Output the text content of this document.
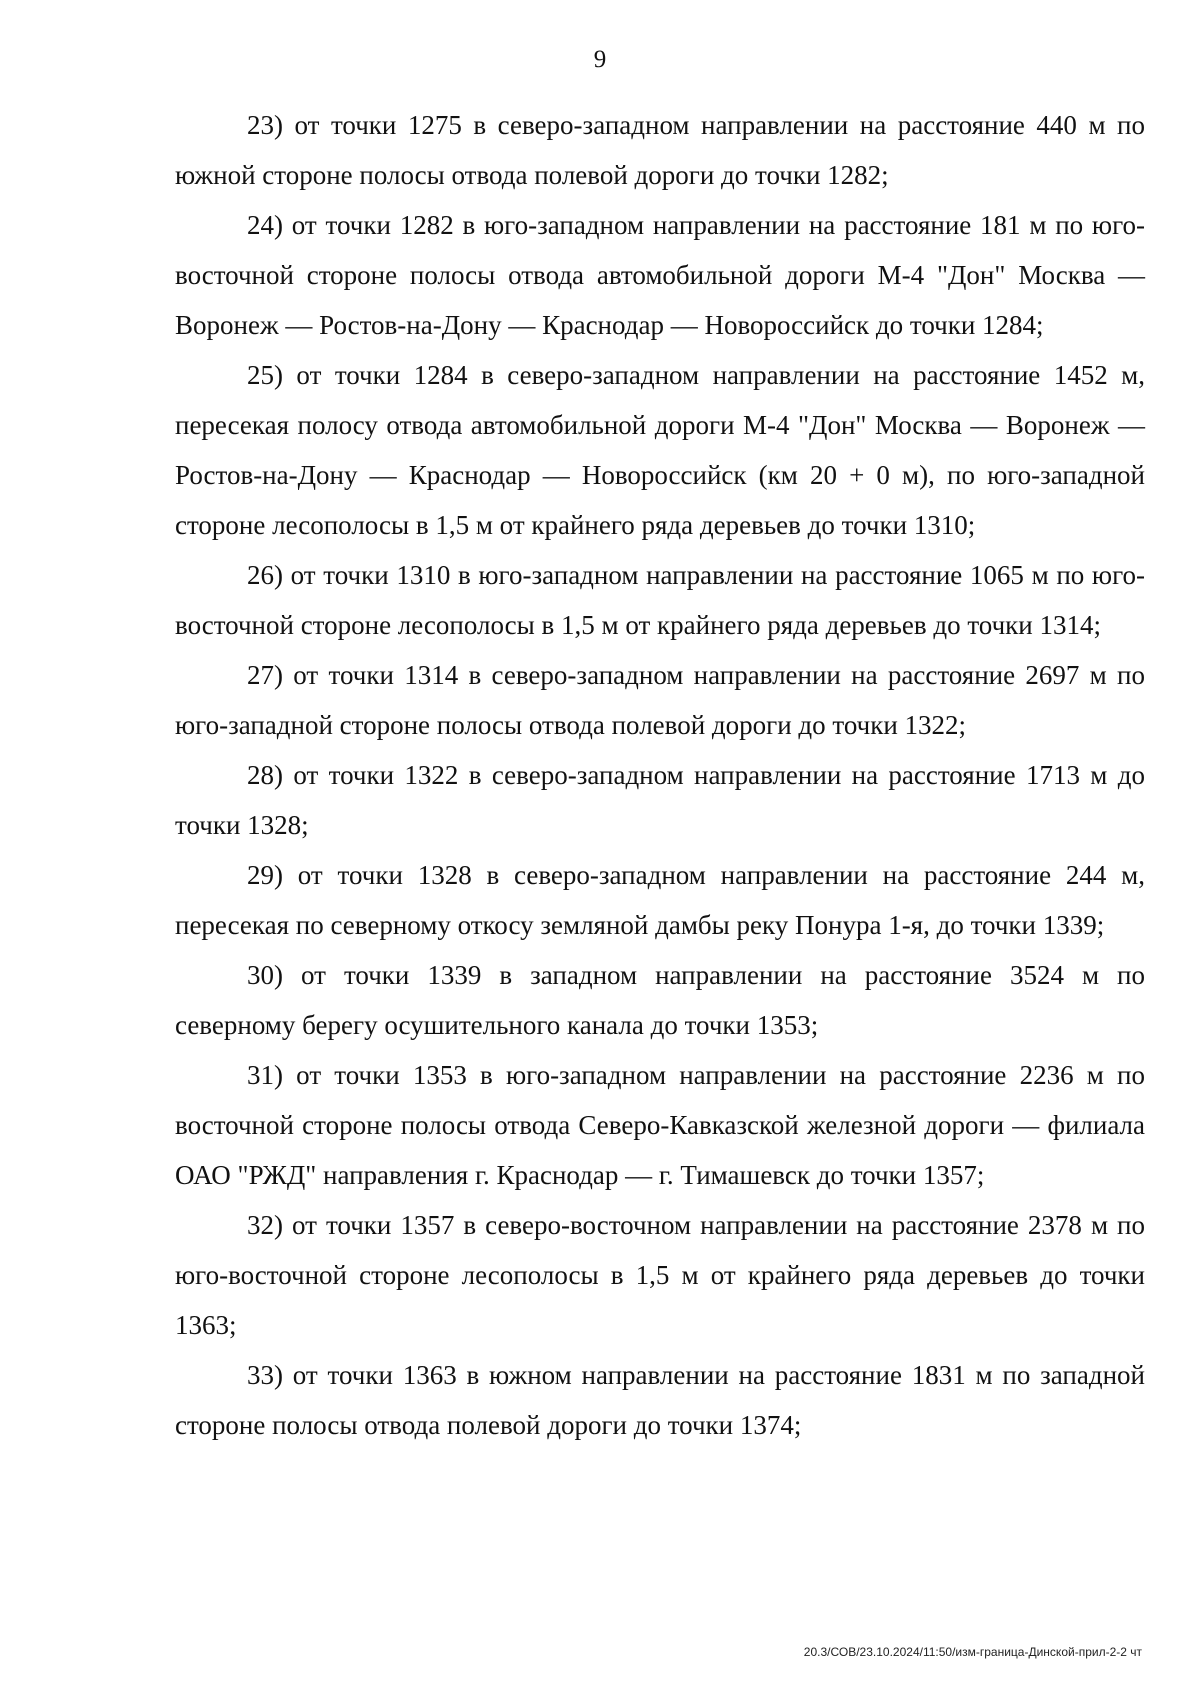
9

23) от точки 1275 в северо-западном направлении на расстояние 440 м по южной стороне полосы отвода полевой дороги до точки 1282;

24) от точки 1282 в юго-западном направлении на расстояние 181 м по юго-восточной стороне полосы отвода автомобильной дороги М-4 "Дон" Москва — Воронеж — Ростов-на-Дону — Краснодар — Новороссийск до точки 1284;

25) от точки 1284 в северо-западном направлении на расстояние 1452 м, пересекая полосу отвода автомобильной дороги М-4 "Дон" Москва — Воронеж — Ростов-на-Дону — Краснодар — Новороссийск (км 20 + 0 м), по юго-западной стороне лесополосы в 1,5 м от крайнего ряда деревьев до точки 1310;

26) от точки 1310 в юго-западном направлении на расстояние 1065 м по юго-восточной стороне лесополосы в 1,5 м от крайнего ряда деревьев до точки 1314;

27) от точки 1314 в северо-западном направлении на расстояние 2697 м по юго-западной стороне полосы отвода полевой дороги до точки 1322;

28) от точки 1322 в северо-западном направлении на расстояние 1713 м до точки 1328;

29) от точки 1328 в северо-западном направлении на расстояние 244 м, пересекая по северному откосу земляной дамбы реку Понура 1-я, до точки 1339;

30) от точки 1339 в западном направлении на расстояние 3524 м по северному берегу осушительного канала до точки 1353;

31) от точки 1353 в юго-западном направлении на расстояние 2236 м по восточной стороне полосы отвода Северо-Кавказской железной дороги — филиала ОАО "РЖД" направления г. Краснодар — г. Тимашевск до точки 1357;

32) от точки 1357 в северо-восточном направлении на расстояние 2378 м по юго-восточной стороне лесополосы в 1,5 м от крайнего ряда деревьев до точки 1363;

33) от точки 1363 в южном направлении на расстояние 1831 м по западной стороне полосы отвода полевой дороги до точки 1374;

20.3/СОВ/23.10.2024/11:50/изм-граница-Динской-прил-2-2 чт
